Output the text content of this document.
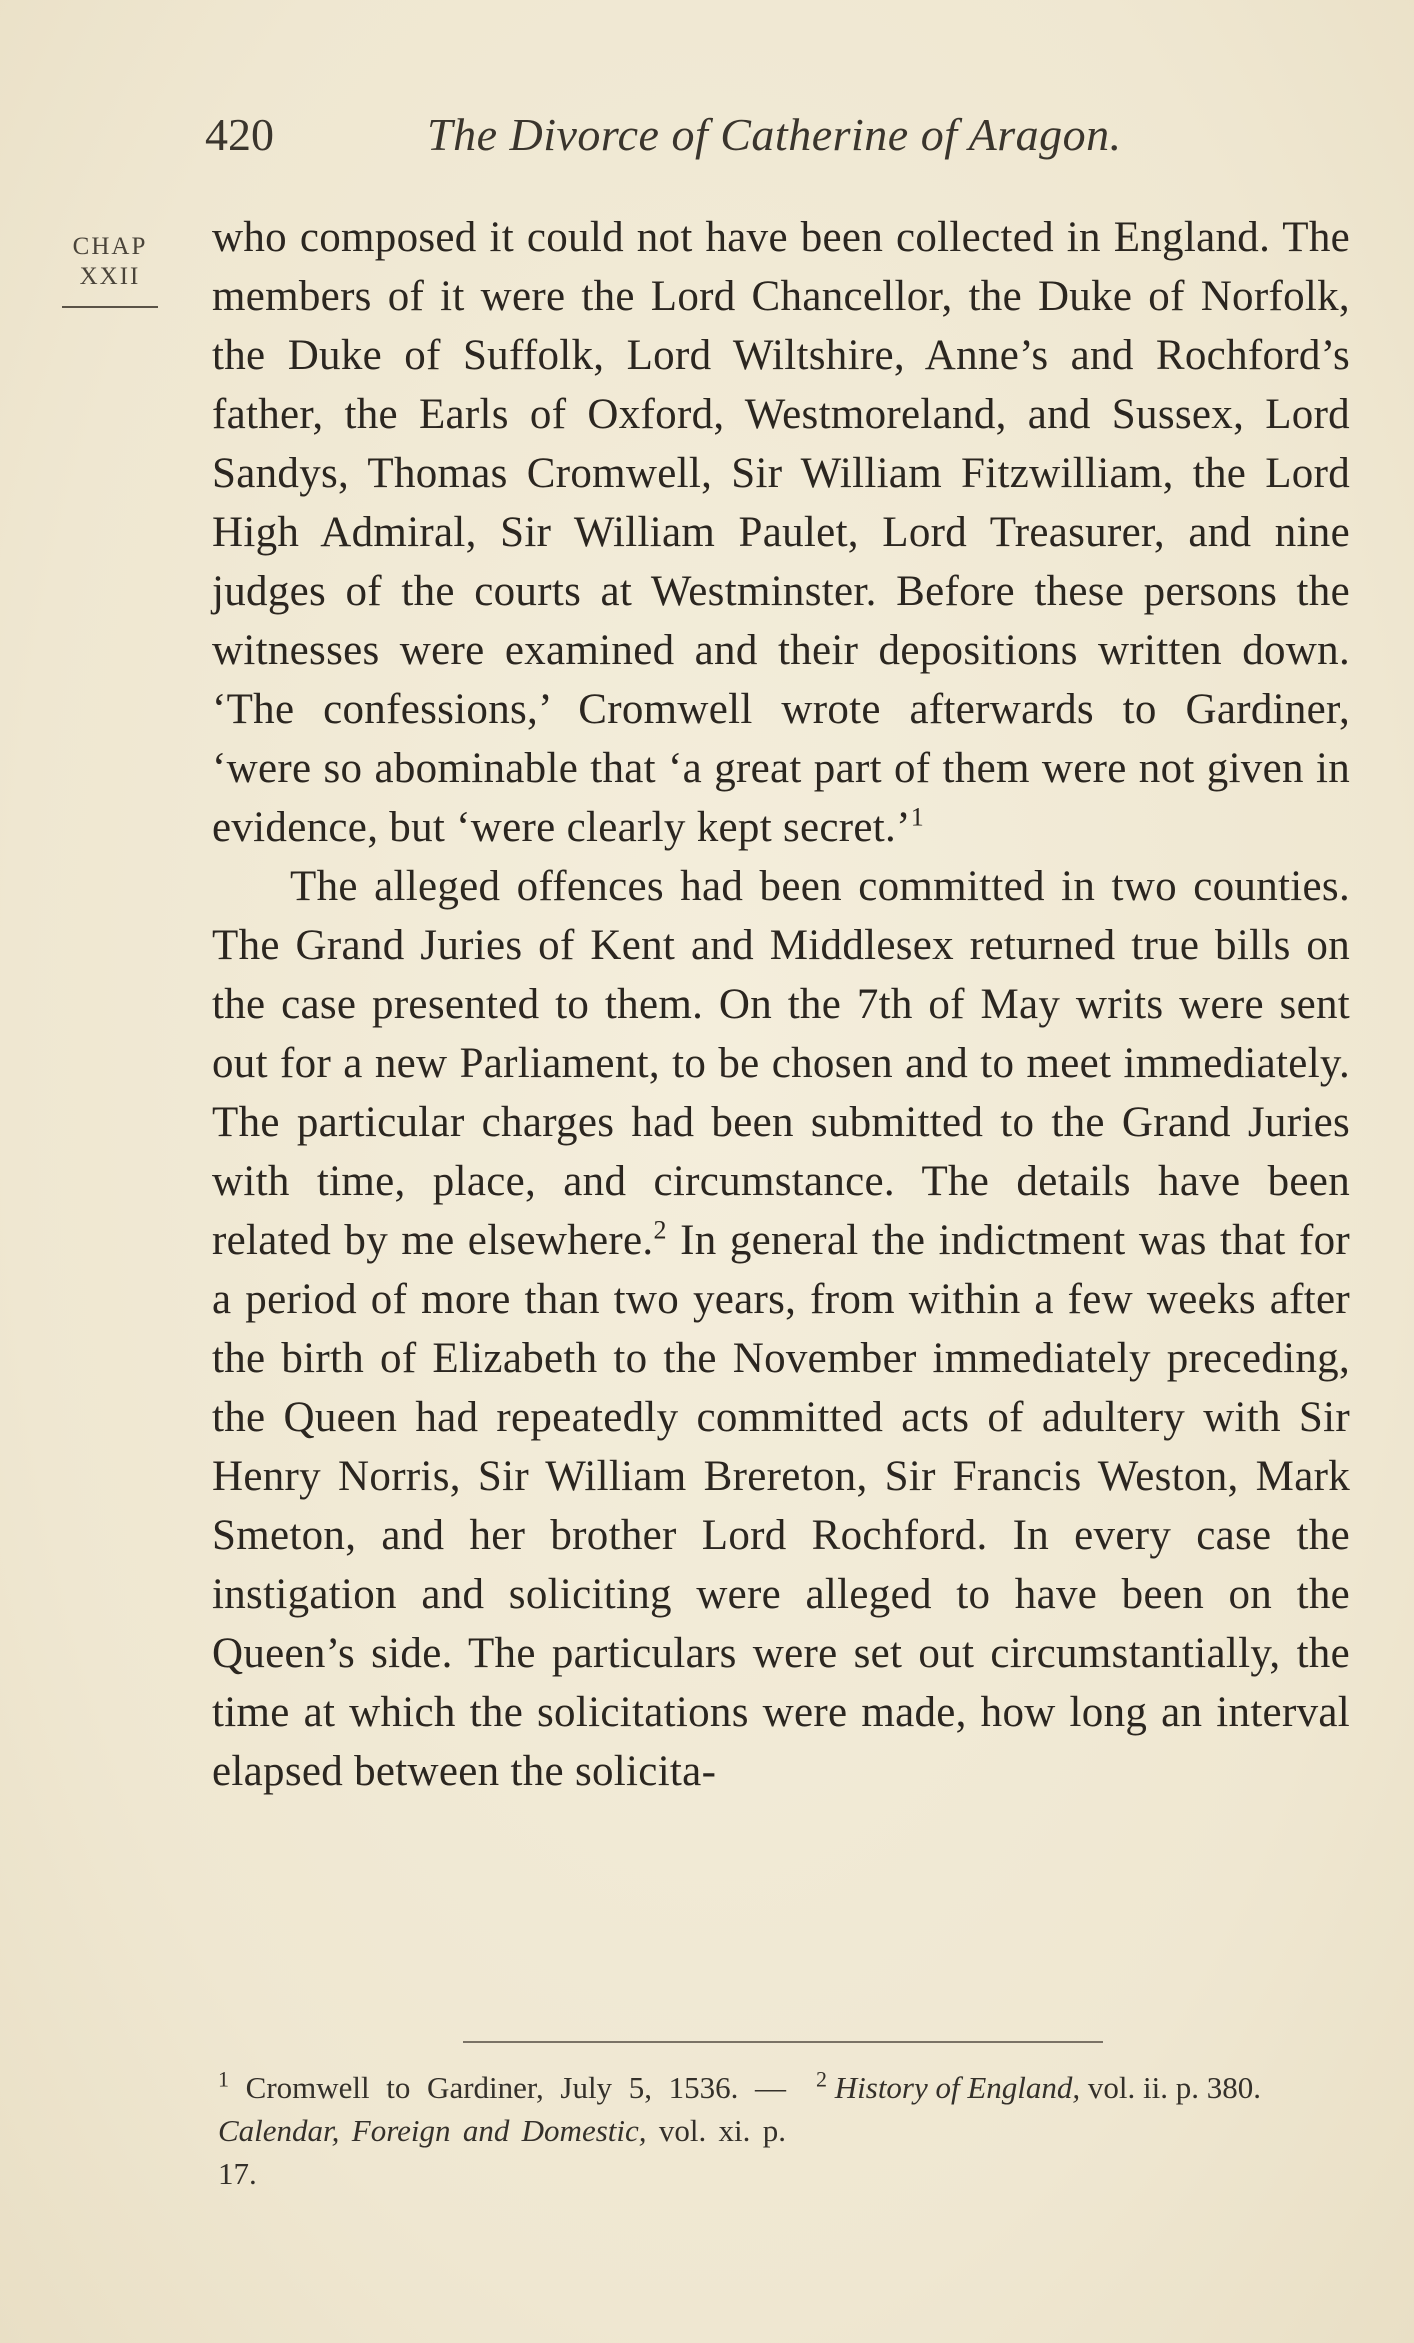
420	The Divorce of Catherine of Aragon.
CHAP
XXII

who composed it could not have been collected in England. The members of it were the Lord Chancellor, the Duke of Norfolk, the Duke of Suffolk, Lord Wiltshire, Anne’s and Rochford’s father, the Earls of Oxford, Westmoreland, and Sussex, Lord Sandys, Thomas Cromwell, Sir William Fitzwilliam, the Lord High Admiral, Sir William Paulet, Lord Treasurer, and nine judges of the courts at Westminster. Before these persons the witnesses were examined and their depositions written down. ‘The confessions,’ Cromwell wrote afterwards to Gardiner, ‘were so abominable that ‘a great part of them were not given in evidence, but ‘were clearly kept secret.’$^1$

The alleged offences had been committed in two counties. The Grand Juries of Kent and Middlesex returned true bills on the case presented to them. On the 7th of May writs were sent out for a new Parliament, to be chosen and to meet immediately. The particular charges had been submitted to the Grand Juries with time, place, and circumstance. The details have been related by me elsewhere.$^2$ In general the indictment was that for a period of more than two years, from within a few weeks after the birth of Elizabeth to the November immediately preceding, the Queen had repeatedly committed acts of adultery with Sir Henry Norris, Sir William Brereton, Sir Francis Weston, Mark Smeton, and her brother Lord Rochford. In every case the instigation and soliciting were alleged to have been on the Queen’s side. The particulars were set out circumstantially, the time at which the solicitations were made, how long an interval elapsed between the solicita-

$^1$ Cromwell to Gardiner, July 5, 1536. — Calendar, Foreign and Domestic, vol. xi. p. 17.
$^2$ History of England, vol. ii. p. 380.
